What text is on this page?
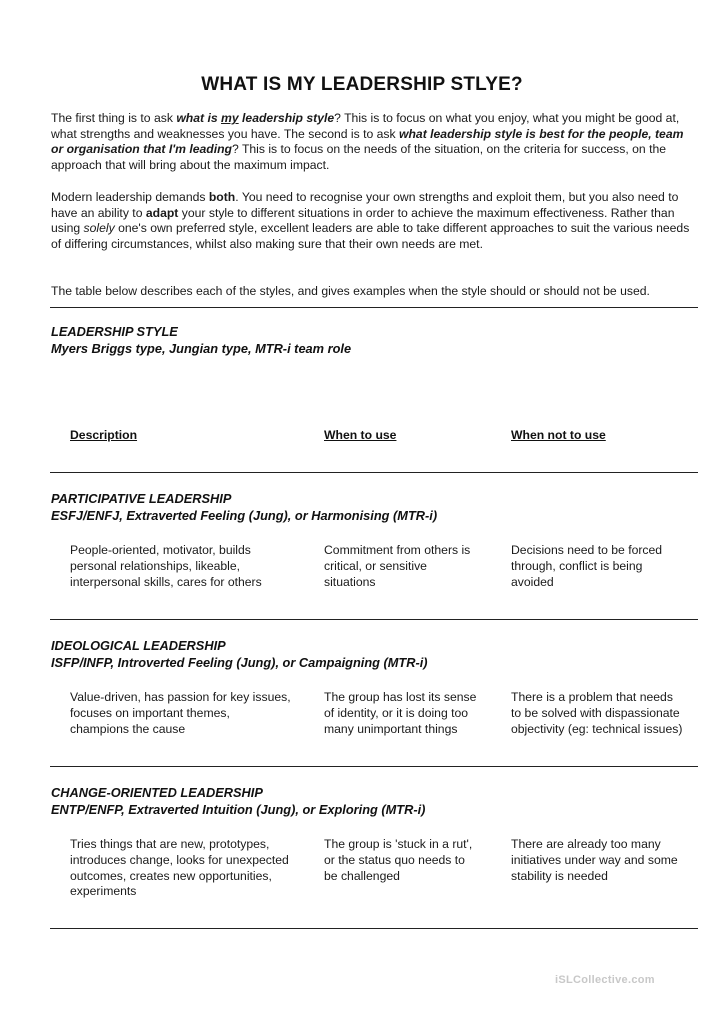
WHAT IS MY LEADERSHIP STLYE?

The first thing is to ask what is my leadership style? This is to focus on what you enjoy, what you might be good at, what strengths and weaknesses you have. The second is to ask what leadership style is best for the people, team or organisation that I'm leading? This is to focus on the needs of the situation, on the criteria for success, on the approach that will bring about the maximum impact.

Modern leadership demands both. You need to recognise your own strengths and exploit them, but you also need to have an ability to adapt your style to different situations in order to achieve the maximum effectiveness. Rather than using solely one's own preferred style, excellent leaders are able to take different approaches to suit the various needs of differing circumstances, whilst also making sure that their own needs are met.

The table below describes each of the styles, and gives examples when the style should or should not be used.

LEADERSHIP STYLE
Myers Briggs type, Jungian type, MTR-i team role
Description	When to use	When not to use
PARTICIPATIVE LEADERSHIP
ESFJ/ENFJ, Extraverted Feeling (Jung), or Harmonising (MTR-i)
People-oriented, motivator, builds
personal relationships, likeable,
interpersonal skills, cares for others
Commitment from others is
critical, or sensitive
situations
Decisions need to be forced
through, conflict is being
avoided
IDEOLOGICAL LEADERSHIP
ISFP/INFP, Introverted Feeling (Jung), or Campaigning (MTR-i)
Value-driven, has passion for key issues,
focuses on important themes,
champions the cause
The group has lost its sense
of identity, or it is doing too
many unimportant things
There is a problem that needs
to be solved with dispassionate
objectivity (eg: technical issues)
CHANGE-ORIENTED LEADERSHIP
ENTP/ENFP, Extraverted Intuition (Jung), or Exploring (MTR-i)
Tries things that are new, prototypes,
introduces change, looks for unexpected
outcomes, creates new opportunities,
experiments
The group is 'stuck in a rut',
or the status quo needs to
be challenged
There are already too many
initiatives under way and some
stability is needed
iSLCollective.com
